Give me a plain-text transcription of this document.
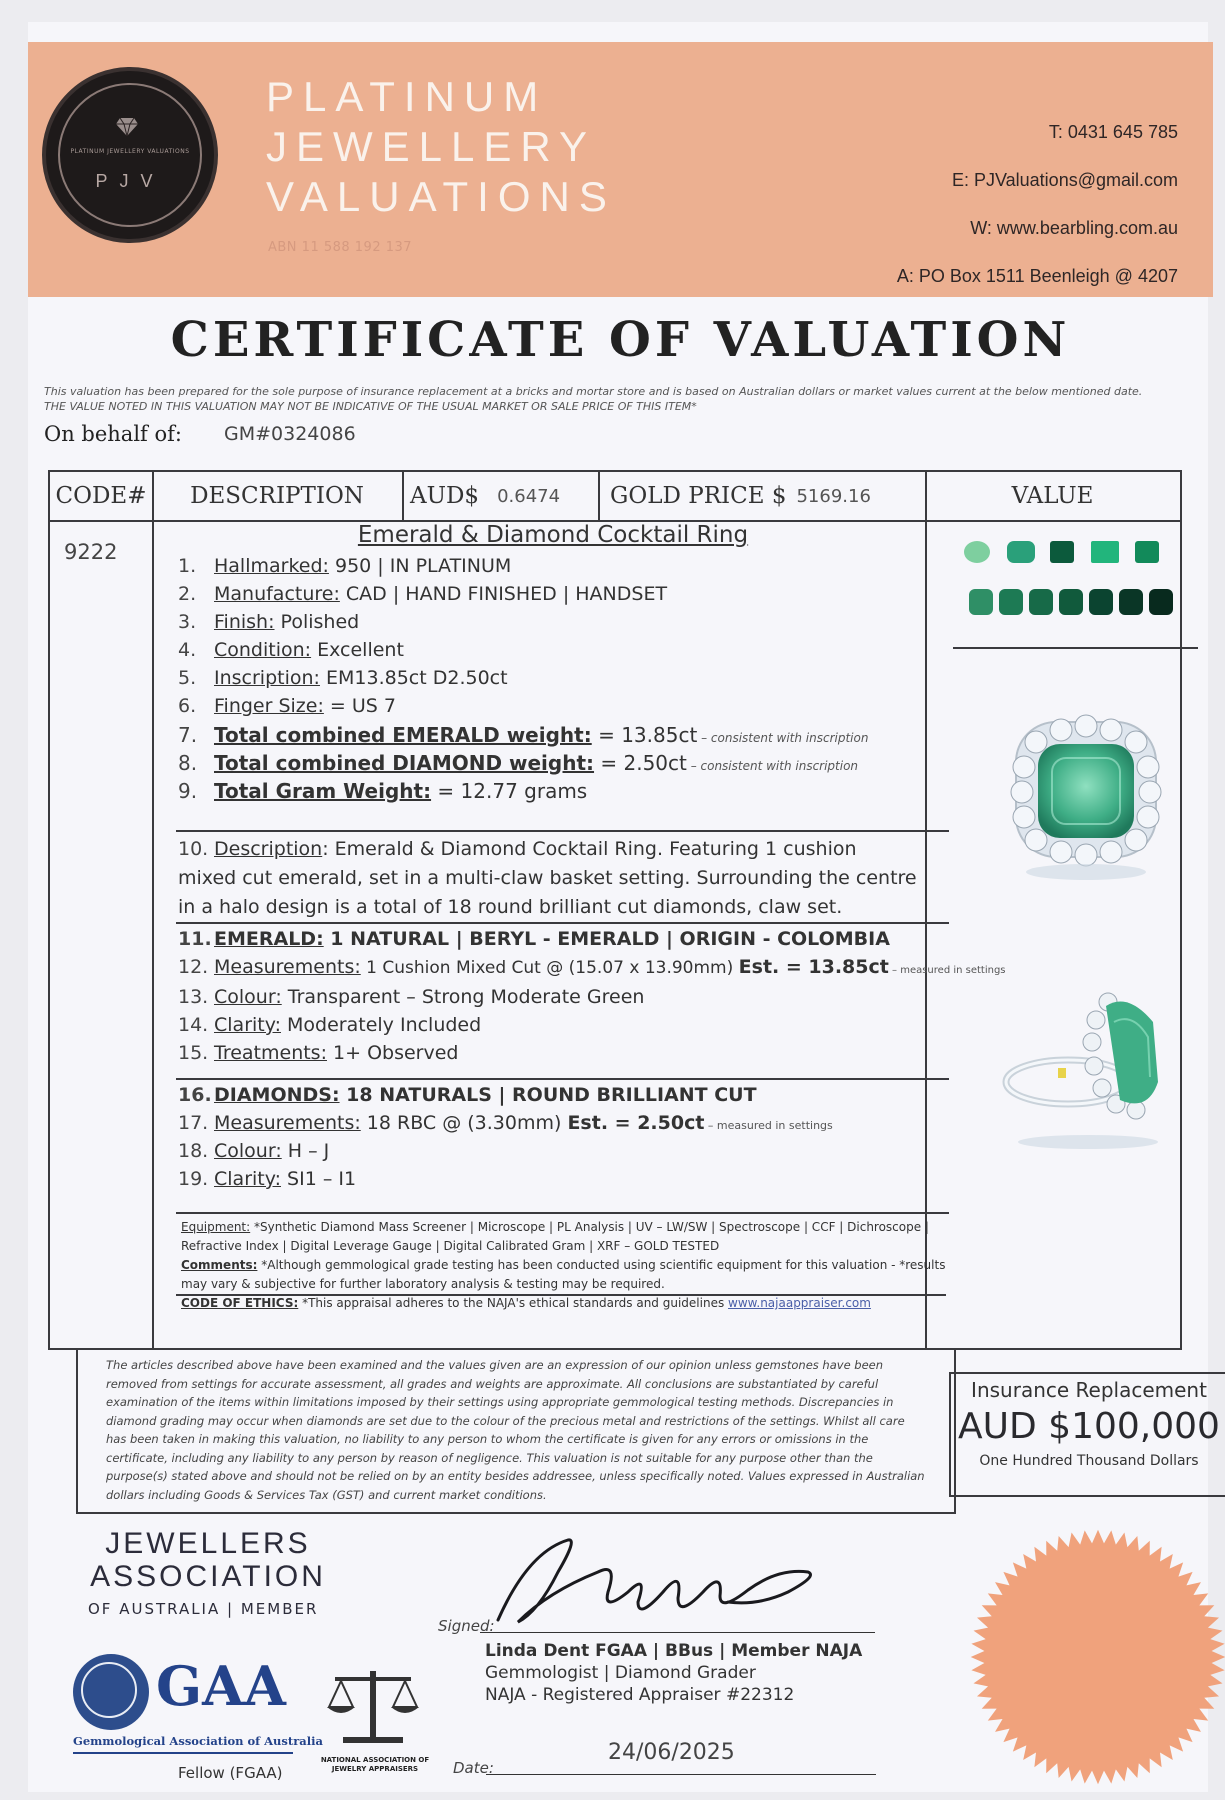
PLATINUM JEWELLERY VALUATIONS
PJV
PLATINUM
JEWELLERY
VALUATIONS
ABN 11 588 192 137
T: 0431 645 785
E: PJValuations@gmail.com
W: www.bearbling.com.au
A: PO Box 1511 Beenleigh @ 4207
CERTIFICATE OF VALUATION
This valuation has been prepared for the sole purpose of insurance replacement at a bricks and mortar store and is based on Australian dollars or market values current at the below mentioned date.
THE VALUE NOTED IN THIS VALUATION MAY NOT BE INDICATIVE OF THE USUAL MARKET OR SALE PRICE OF THIS ITEM*
On behalf of: GM#0324086
CODE#	DESCRIPTION	AUD$ 0.6474 GOLD PRICE $ 5169.16	VALUE
9222
Emerald & Diamond Cocktail Ring
1. Hallmarked: 950 | IN PLATINUM
2. Manufacture: CAD | HAND FINISHED | HANDSET
3. Finish: Polished
4. Condition: Excellent
5. Inscription: EM13.85ct D2.50ct
6. Finger Size: = US 7
7. Total combined EMERALD weight: = 13.85ct – consistent with inscription
8. Total combined DIAMOND weight: = 2.50ct – consistent with inscription
9. Total Gram Weight: = 12.77 grams
10. Description: Emerald & Diamond Cocktail Ring. Featuring 1 cushion mixed cut emerald, set in a multi-claw basket setting. Surrounding the centre in a halo design is a total of 18 round brilliant cut diamonds, claw set.
11. EMERALD: 1 NATURAL | BERYL - EMERALD | ORIGIN - COLOMBIA
12. Measurements: 1 Cushion Mixed Cut @ (15.07 x 13.90mm) Est. = 13.85ct – measured in settings
13. Colour: Transparent – Strong Moderate Green
14. Clarity: Moderately Included
15. Treatments: 1+ Observed
16. DIAMONDS: 18 NATURALS | ROUND BRILLIANT CUT
17. Measurements: 18 RBC @ (3.30mm) Est. = 2.50ct – measured in settings
18. Colour: H – J
19. Clarity: SI1 – I1
Equipment: *Synthetic Diamond Mass Screener | Microscope | PL Analysis | UV – LW/SW | Spectroscope | CCF | Dichroscope | Refractive Index | Digital Leverage Gauge | Digital Calibrated Gram | XRF – GOLD TESTED
Comments: *Although gemmological grade testing has been conducted using scientific equipment for this valuation - *results may vary & subjective for further laboratory analysis & testing may be required.
CODE OF ETHICS: *This appraisal adheres to the NAJA's ethical standards and guidelines www.najaappraiser.com
The articles described above have been examined and the values given are an expression of our opinion unless gemstones have been removed from settings for accurate assessment, all grades and weights are approximate. All conclusions are substantiated by careful examination of the items within limitations imposed by their settings using appropriate gemmological testing methods. Discrepancies in diamond grading may occur when diamonds are set due to the colour of the precious metal and restrictions of the settings. Whilst all care has been taken in making this valuation, no liability to any person to whom the certificate is given for any errors or omissions in the certificate, including any liability to any person by reason of negligence. This valuation is not suitable for any purpose other than the purpose(s) stated above and should not be relied on by an entity besides addressee, unless specifically noted. Values expressed in Australian dollars including Goods & Services Tax (GST) and current market conditions.
Insurance Replacement
AUD $100,000
One Hundred Thousand Dollars
JEWELLERS
ASSOCIATION
OF AUSTRALIA | MEMBER
GAA
Gemmological Association of Australia
Fellow (FGAA)
NATIONAL ASSOCIATION OF JEWELRY APPRAISERS
Signed:
Linda Dent FGAA | BBus | Member NAJA
Gemmologist | Diamond Grader
NAJA - Registered Appraiser #22312
Date:
24/06/2025
